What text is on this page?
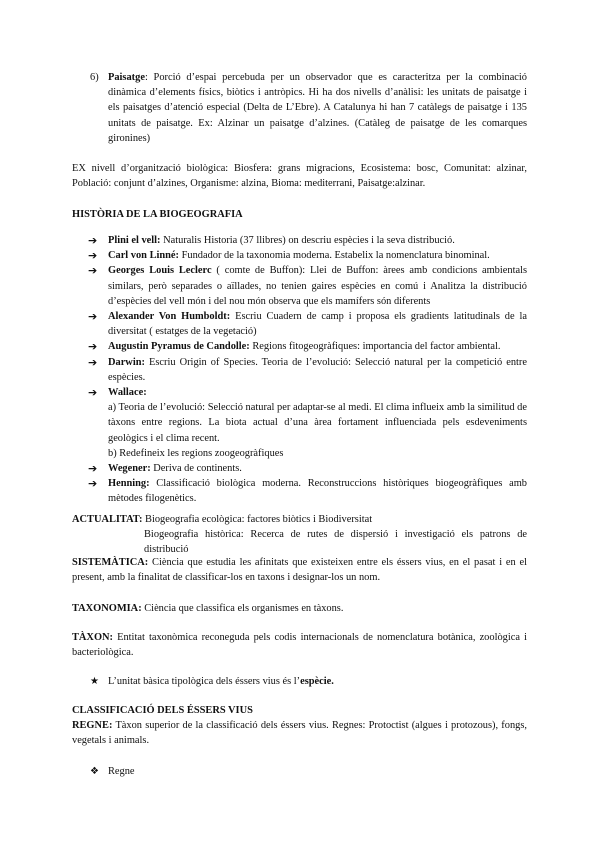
6) Paisatge: Porció d’espai percebuda per un observador que es caracteritza per la combinació dinàmica d’elements físics, biòtics i antròpics. Hi ha dos nivells d’anàlisi: les unitats de paisatge i els paisatges d’atenció especial (Delta de L’Ebre). A Catalunya hi han 7 catàlegs de paisatge i 135 unitats de paisatge. Ex: Alzinar un paisatge d’alzines. (Catàleg de paisatge de les comarques gironines)
EX nivell d’organització biològica: Biosfera: grans migracions, Ecosistema: bosc, Comunitat: alzinar, Població: conjunt d’alzines, Organisme: alzina, Bioma: mediterrani, Paisatge:alzinar.
HISTÒRIA DE LA BIOGEOGRAFIA
➔ Plini el vell: Naturalis Historia (37 llibres) on descriu espècies i la seva distribució.
➔ Carl von Linné: Fundador de la taxonomia moderna. Estabelix la nomenclatura binominal.
➔ Georges Louis Leclerc ( comte de Buffon): Llei de Buffon: àrees amb condicions ambientals similars, però separades o aïllades, no tenien gaires espècies en comú i Analitza la distribució d’espècies del vell món i del nou món observa que els mamífers són diferents
➔ Alexander Von Humboldt: Escriu Cuadern de camp i proposa els gradients latitudinals de la diversitat ( estatges de la vegetació)
➔ Augustin Pyramus de Candolle: Regions fitogeogràfiques: importancia del factor ambiental.
➔ Darwin: Escriu Origin of Species. Teoria de l’evolució: Selecció natural per la competició entre espècies.
➔ Wallace:
a) Teoria de l’evolució: Selecció natural per adaptar-se al medi. El clima influeix amb la similitud de tàxons entre regions. La biota actual d’una àrea fortament influenciada pels esdeveniments geològics i el clima recent.
b) Redefineix les regions zoogeogràfiques
➔ Wegener: Deriva de continents.
➔ Henning: Classificació biològica moderna. Reconstruccions històriques biogeogràfiques amb mètodes filogenètics.
ACTUALITAT: Biogeografia ecològica: factores biòtics i Biodiversitat
Biogeografia històrica: Recerca de rutes de dispersió i investigació els patrons de distribució
SISTEMÀTICA: Ciència que estudia les afinitats que existeixen entre els éssers vius, en el pasat i en el present, amb la finalitat de classificar-los en taxons i designar-los un nom.
TAXONOMIA: Ciència que classifica els organismes en tàxons.
TÀXON: Entitat taxonòmica reconeguda pels codis internacionals de nomenclatura botànica, zoològica i bacteriològica.
★ L’unitat bàsica tipològica dels éssers vius és l’espècie.
CLASSIFICACIÓ DELS ÉSSERS VIUS
REGNE: Tàxon superior de la classificació dels éssers vius. Regnes: Protoctist (algues i protozous), fongs, vegetals i animals.
❖ Regne
